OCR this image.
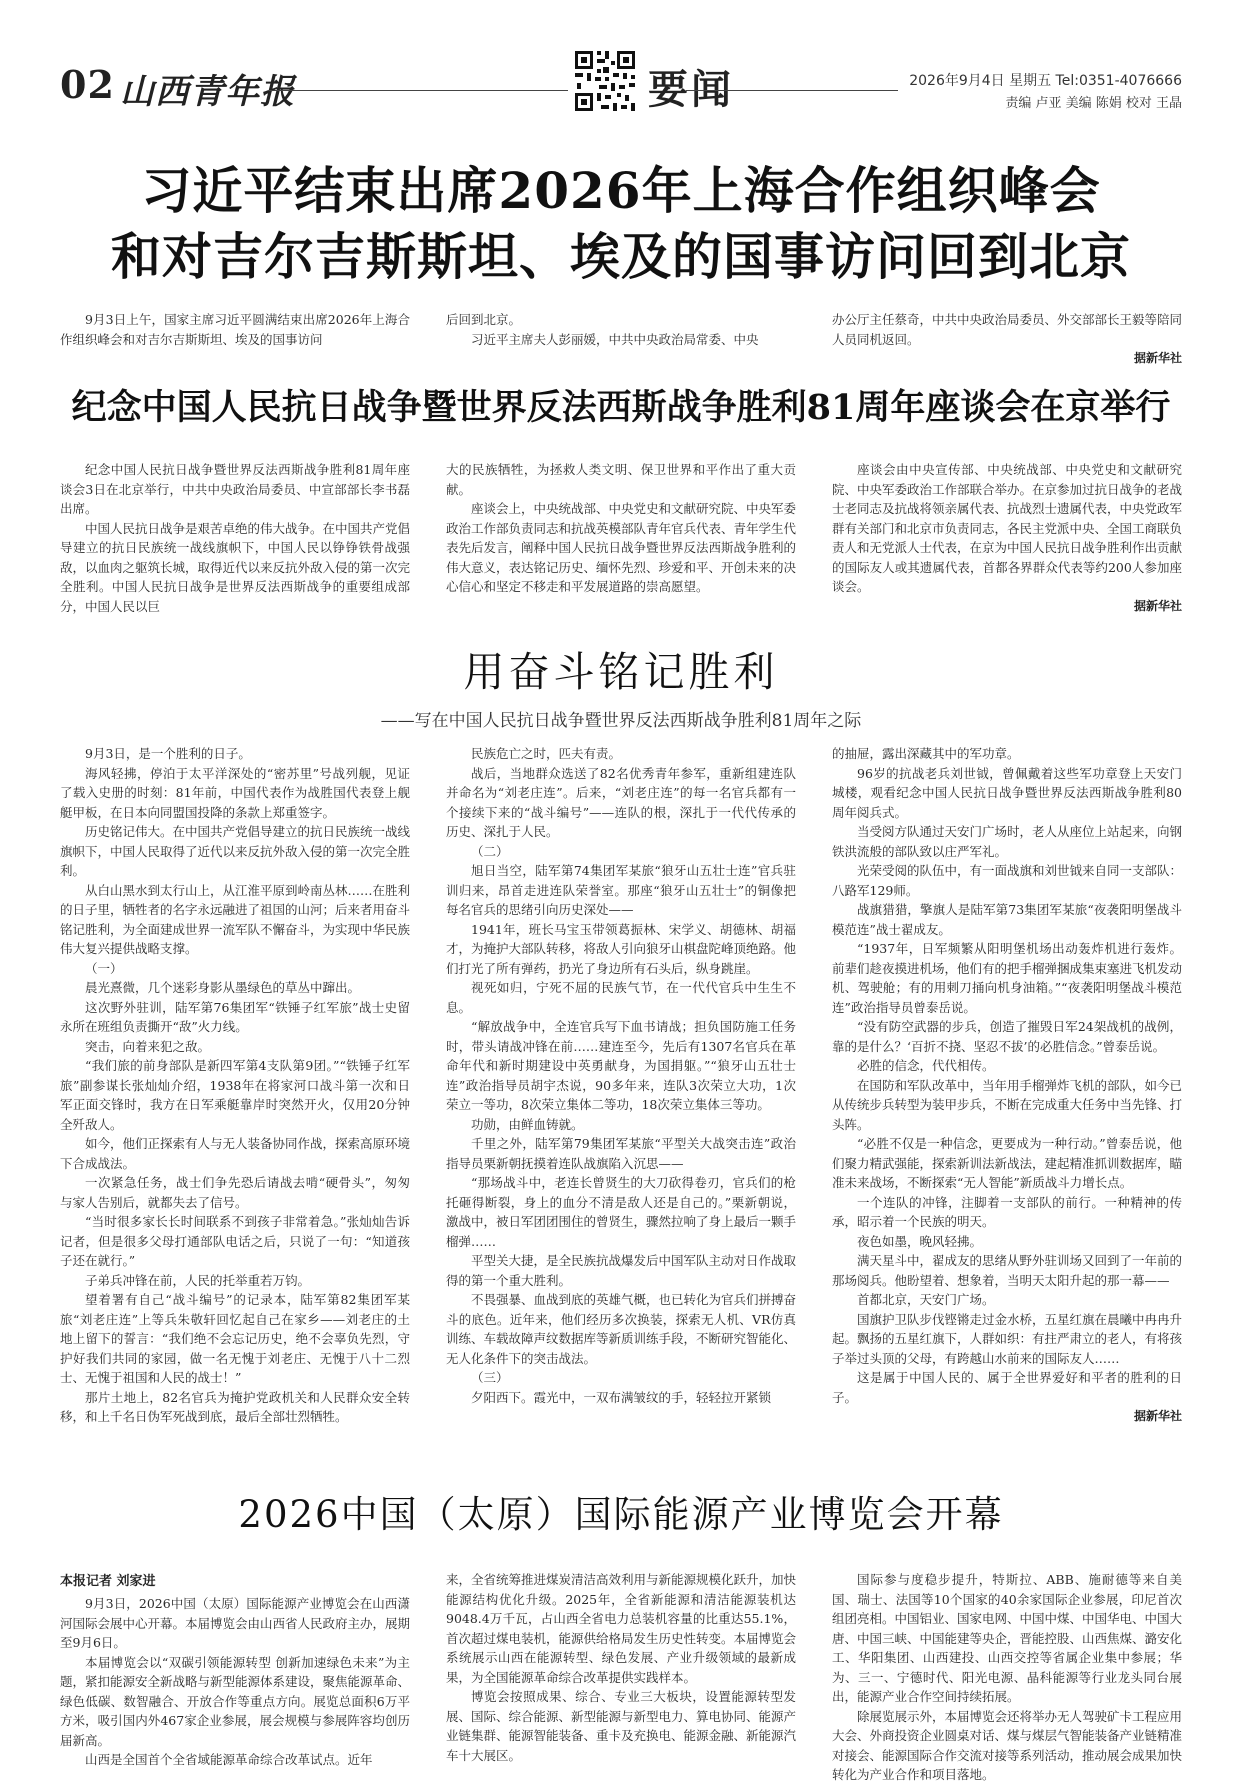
02 山西青年报	要闻	2026年9月4日 星期五 Tel:0351-4076666
责编 卢亚 美编 陈娟 校对 王晶
习近平结束出席2026年上海合作组织峰会
和对吉尔吉斯斯坦、埃及的国事访问回到北京

9月3日上午，国家主席习近平圆满结束出席2026年上海合作组织峰会和对吉尔吉斯斯坦、埃及的国事访问

后回到北京。

习近平主席夫人彭丽媛，中共中央政治局常委、中央

办公厅主任蔡奇，中共中央政治局委员、外交部部长王毅等陪同人员同机返回。

据新华社
纪念中国人民抗日战争暨世界反法西斯战争胜利81周年座谈会在京举行

纪念中国人民抗日战争暨世界反法西斯战争胜利81周年座谈会3日在北京举行，中共中央政治局委员、中宣部部长李书磊出席。

中国人民抗日战争是艰苦卓绝的伟大战争。在中国共产党倡导建立的抗日民族统一战线旗帜下，中国人民以铮铮铁骨战强敌，以血肉之躯筑长城，取得近代以来反抗外敌入侵的第一次完全胜利。中国人民抗日战争是世界反法西斯战争的重要组成部分，中国人民以巨

大的民族牺牲，为拯救人类文明、保卫世界和平作出了重大贡献。

座谈会上，中央统战部、中央党史和文献研究院、中央军委政治工作部负责同志和抗战英模部队青年官兵代表、青年学生代表先后发言，阐释中国人民抗日战争暨世界反法西斯战争胜利的伟大意义，表达铭记历史、缅怀先烈、珍爱和平、开创未来的决心信心和坚定不移走和平发展道路的崇高愿望。

座谈会由中央宣传部、中央统战部、中央党史和文献研究院、中央军委政治工作部联合举办。在京参加过抗日战争的老战士老同志及抗战将领亲属代表、抗战烈士遗属代表，中央党政军群有关部门和北京市负责同志，各民主党派中央、全国工商联负责人和无党派人士代表，在京为中国人民抗日战争胜利作出贡献的国际友人或其遗属代表，首都各界群众代表等约200人参加座谈会。

据新华社
用奋斗铭记胜利

——写在中国人民抗日战争暨世界反法西斯战争胜利81周年之际

9月3日，是一个胜利的日子。

海风轻拂，停泊于太平洋深处的“密苏里”号战列舰，见证了载入史册的时刻：81年前，中国代表作为战胜国代表登上舰艇甲板，在日本向同盟国投降的条款上郑重签字。

历史铭记伟大。在中国共产党倡导建立的抗日民族统一战线旗帜下，中国人民取得了近代以来反抗外敌入侵的第一次完全胜利。

从白山黑水到太行山上，从江淮平原到岭南丛林……在胜利的日子里，牺牲者的名字永远融进了祖国的山河；后来者用奋斗铭记胜利，为全面建成世界一流军队不懈奋斗，为实现中华民族伟大复兴提供战略支撑。

（一）

晨光熹微，几个迷彩身影从墨绿色的草丛中蹿出。

这次野外驻训，陆军第76集团军“铁锤子红军旅”战士史留永所在班组负责撕开“敌”火力线。

突击，向着来犯之敌。

“我们旅的前身部队是新四军第4支队第9团。”“铁锤子红军旅”副参谋长张灿灿介绍，1938年在将家河口战斗第一次和日军正面交锋时，我方在日军乘艇靠岸时突然开火，仅用20分钟全歼敌人。

如今，他们正探索有人与无人装备协同作战，探索高原环境下合成战法。

一次紧急任务，战士们争先恐后请战去啃“硬骨头”，匆匆与家人告别后，就都失去了信号。

“当时很多家长长时间联系不到孩子非常着急。”张灿灿告诉记者，但是很多父母打通部队电话之后，只说了一句：“知道孩子还在就行。”

子弟兵冲锋在前，人民的托举重若万钧。

望着署有自己“战斗编号”的记录本，陆军第82集团军某旅“刘老庄连”上等兵朱敬轩回忆起自己在家乡——刘老庄的土地上留下的誓言：“我们绝不会忘记历史，绝不会辜负先烈，守护好我们共同的家园，做一名无愧于刘老庄、无愧于八十二烈士、无愧于祖国和人民的战士！”

那片土地上，82名官兵为掩护党政机关和人民群众安全转移，和上千名日伪军死战到底，最后全部壮烈牺牲。

民族危亡之时，匹夫有责。

战后，当地群众选送了82名优秀青年参军，重新组建连队并命名为“刘老庄连”。后来，“刘老庄连”的每一名官兵都有一个接续下来的“战斗编号”——连队的根，深扎于一代代传承的历史、深扎于人民。

（二）

旭日当空，陆军第74集团军某旅“狼牙山五壮士连”官兵驻训归来，昂首走进连队荣誉室。那座“狼牙山五壮士”的铜像把每名官兵的思绪引向历史深处——

1941年，班长马宝玉带领葛振林、宋学义、胡德林、胡福才，为掩护大部队转移，将敌人引向狼牙山棋盘陀峰顶绝路。他们打光了所有弹药，扔光了身边所有石头后，纵身跳崖。

视死如归，宁死不屈的民族气节，在一代代官兵中生生不息。

“解放战争中，全连官兵写下血书请战；担负国防施工任务时，带头请战冲锋在前……建连至今，先后有1307名官兵在革命年代和新时期建设中英勇献身，为国捐躯。”“狼牙山五壮士连”政治指导员胡宇杰说，90多年来，连队3次荣立大功，1次荣立一等功，8次荣立集体二等功，18次荣立集体三等功。

功勋，由鲜血铸就。

千里之外，陆军第79集团军某旅“平型关大战突击连”政治指导员栗新朝抚摸着连队战旗陷入沉思——

“那场战斗中，老连长曾贤生的大刀砍得卷刃，官兵们的枪托砸得断裂，身上的血分不清是敌人还是自己的。”栗新朝说，激战中，被日军团团围住的曾贤生，骤然拉响了身上最后一颗手榴弹……

平型关大捷，是全民族抗战爆发后中国军队主动对日作战取得的第一个重大胜利。

不畏强暴、血战到底的英雄气概，也已转化为官兵们拼搏奋斗的底色。近年来，他们经历多次换装，探索无人机、VR仿真训练、车载故障声纹数据库等新质训练手段，不断研究智能化、无人化条件下的突击战法。

（三）

夕阳西下。霞光中，一双布满皱纹的手，轻轻拉开紧锁

的抽屉，露出深藏其中的军功章。

96岁的抗战老兵刘世钺，曾佩戴着这些军功章登上天安门城楼，观看纪念中国人民抗日战争暨世界反法西斯战争胜利80周年阅兵式。

当受阅方队通过天安门广场时，老人从座位上站起来，向钢铁洪流般的部队致以庄严军礼。

光荣受阅的队伍中，有一面战旗和刘世钺来自同一支部队：八路军129师。

战旗猎猎，擎旗人是陆军第73集团军某旅“夜袭阳明堡战斗模范连”战士翟成友。

“1937年，日军频繁从阳明堡机场出动轰炸机进行轰炸。前辈们趁夜摸进机场，他们有的把手榴弹捆成集束塞进飞机发动机、驾驶舱；有的用刺刀捅向机身油箱。”“夜袭阳明堡战斗模范连”政治指导员曾泰岳说。

“没有防空武器的步兵，创造了摧毁日军24架战机的战例，靠的是什么？‘百折不挠、坚忍不拔’的必胜信念。”曾泰岳说。

必胜的信念，代代相传。

在国防和军队改革中，当年用手榴弹炸飞机的部队，如今已从传统步兵转型为装甲步兵，不断在完成重大任务中当先锋、打头阵。

“必胜不仅是一种信念，更要成为一种行动。”曾泰岳说，他们聚力精武强能，探索新训法新战法，建起精准抓训数据库，瞄准未来战场，不断探索“无人智能”新质战斗力增长点。

一个连队的冲锋，注脚着一支部队的前行。一种精神的传承，昭示着一个民族的明天。

夜色如墨，晚风轻拂。

满天星斗中，翟成友的思绪从野外驻训场又回到了一年前的那场阅兵。他盼望着、想象着，当明天太阳升起的那一幕——

首都北京，天安门广场。

国旗护卫队步伐铿锵走过金水桥，五星红旗在晨曦中冉冉升起。飘扬的五星红旗下，人群如织：有拄严肃立的老人，有将孩子举过头顶的父母，有跨越山水前来的国际友人……

这是属于中国人民的、属于全世界爱好和平者的胜利的日子。

据新华社
2026中国（太原）国际能源产业博览会开幕
本报记者 刘家进

9月3日，2026中国（太原）国际能源产业博览会在山西潇河国际会展中心开幕。本届博览会由山西省人民政府主办，展期至9月6日。

本届博览会以“双碳引领能源转型 创新加速绿色未来”为主题，紧扣能源安全新战略与新型能源体系建设，聚焦能源革命、绿色低碳、数智融合、开放合作等重点方向。展览总面积6万平方米，吸引国内外467家企业参展，展会规模与参展阵容均创历届新高。

山西是全国首个全省域能源革命综合改革试点。近年

来，全省统筹推进煤炭清洁高效利用与新能源规模化跃升，加快能源结构优化升级。2025年，全省新能源和清洁能源装机达9048.4万千瓦，占山西全省电力总装机容量的比重达55.1%，首次超过煤电装机，能源供给格局发生历史性转变。本届博览会系统展示山西在能源转型、绿色发展、产业升级领域的最新成果，为全国能源革命综合改革提供实践样本。

博览会按照成果、综合、专业三大板块，设置能源转型发展、国际、综合能源、新型能源与新型电力、算电协同、能源产业链集群、能源智能装备、重卡及充换电、能源金融、新能源汽车十大展区。

国际参与度稳步提升，特斯拉、ABB、施耐德等来自美国、瑞士、法国等10个国家的40余家国际企业参展，印尼首次组团亮相。中国铝业、国家电网、中国中煤、中国华电、中国大唐、中国三峡、中国能建等央企，晋能控股、山西焦煤、潞安化工、华阳集团、山西建投、山西交控等省属企业集中参展；华为、三一、宁德时代、阳光电源、晶科能源等行业龙头同台展出，能源产业合作空间持续拓展。

除展览展示外，本届博览会还将举办无人驾驶矿卡工程应用大会、外商投资企业圆桌对话、煤与煤层气智能装备产业链精准对接会、能源国际合作交流对接等系列活动，推动展会成果加快转化为产业合作和项目落地。
